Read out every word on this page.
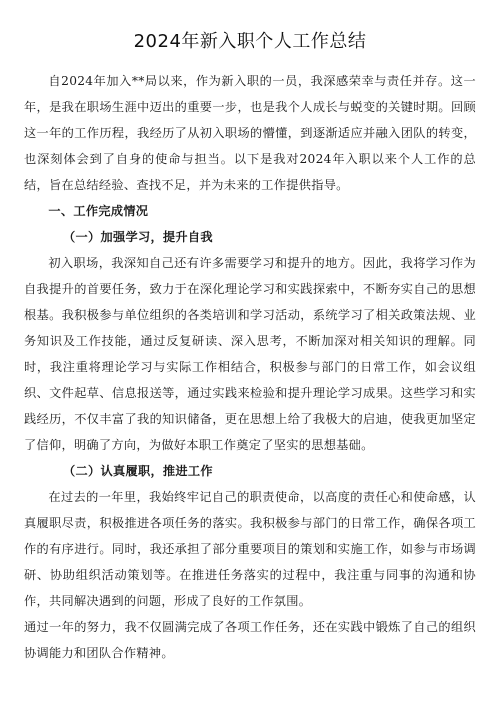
2024年新入职个人工作总结

自2024年加入**局以来，作为新入职的一员，我深感荣幸与责任并存。这一年，是我在职场生涯中迈出的重要一步，也是我个人成长与蜕变的关键时期。回顾这一年的工作历程，我经历了从初入职场的懵懂，到逐渐适应并融入团队的转变，也深刻体会到了自身的使命与担当。以下是我对2024年入职以来个人工作的总结，旨在总结经验、查找不足，并为未来的工作提供指导。

一、工作完成情况
（一）加强学习，提升自我

初入职场，我深知自己还有许多需要学习和提升的地方。因此，我将学习作为自我提升的首要任务，致力于在深化理论学习和实践探索中，不断夯实自己的思想根基。我积极参与单位组织的各类培训和学习活动，系统学习了相关政策法规、业务知识及工作技能，通过反复研读、深入思考，不断加深对相关知识的理解。同时，我注重将理论学习与实际工作相结合，积极参与部门的日常工作，如会议组织、文件起草、信息报送等，通过实践来检验和提升理论学习成果。这些学习和实践经历，不仅丰富了我的知识储备，更在思想上给了我极大的启迪，使我更加坚定了信仰，明确了方向，为做好本职工作奠定了坚实的思想基础。

（二）认真履职，推进工作

在过去的一年里，我始终牢记自己的职责使命，以高度的责任心和使命感，认真履职尽责，积极推进各项任务的落实。我积极参与部门的日常工作，确保各项工作的有序进行。同时，我还承担了部分重要项目的策划和实施工作，如参与市场调研、协助组织活动策划等。在推进任务落实的过程中，我注重与同事的沟通和协作，共同解决遇到的问题，形成了良好的工作氛围。

通过一年的努力，我不仅圆满完成了各项工作任务，还在实践中锻炼了自己的组织协调能力和团队合作精神。
